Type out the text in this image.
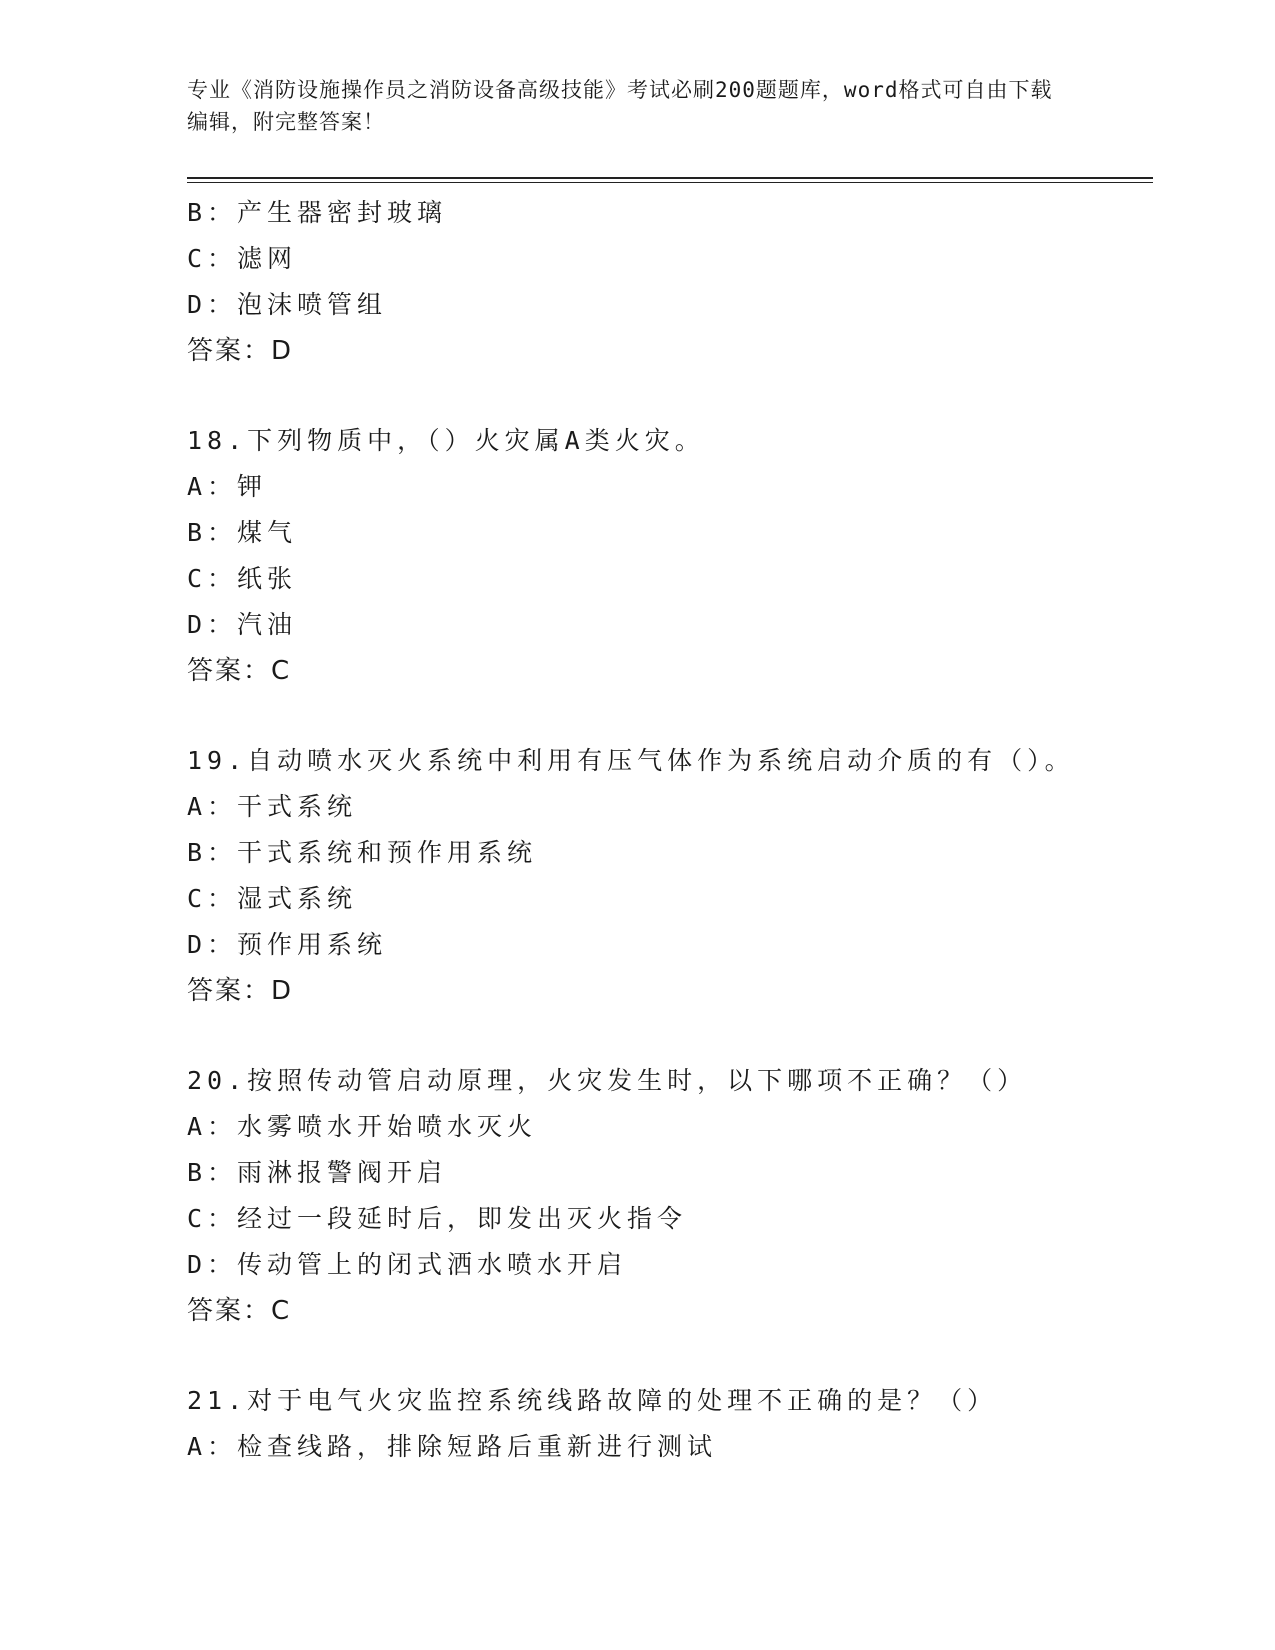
专业《消防设施操作员之消防设备高级技能》考试必刷200题题库，word格式可自由下载编辑，附完整答案！
B：产生器密封玻璃
C：滤网
D：泡沫喷管组
答案：D
18.下列物质中，（）火灾属A类火灾。
A：钾
B：煤气
C：纸张
D：汽油
答案：C
19.自动喷水灭火系统中利用有压气体作为系统启动介质的有（）。
A：干式系统
B：干式系统和预作用系统
C：湿式系统
D：预作用系统
答案：D
20.按照传动管启动原理，火灾发生时，以下哪项不正确？（）
A：水雾喷水开始喷水灭火
B：雨淋报警阀开启
C：经过一段延时后，即发出灭火指令
D：传动管上的闭式洒水喷水开启
答案：C
21.对于电气火灾监控系统线路故障的处理不正确的是？（）
A：检查线路，排除短路后重新进行测试
